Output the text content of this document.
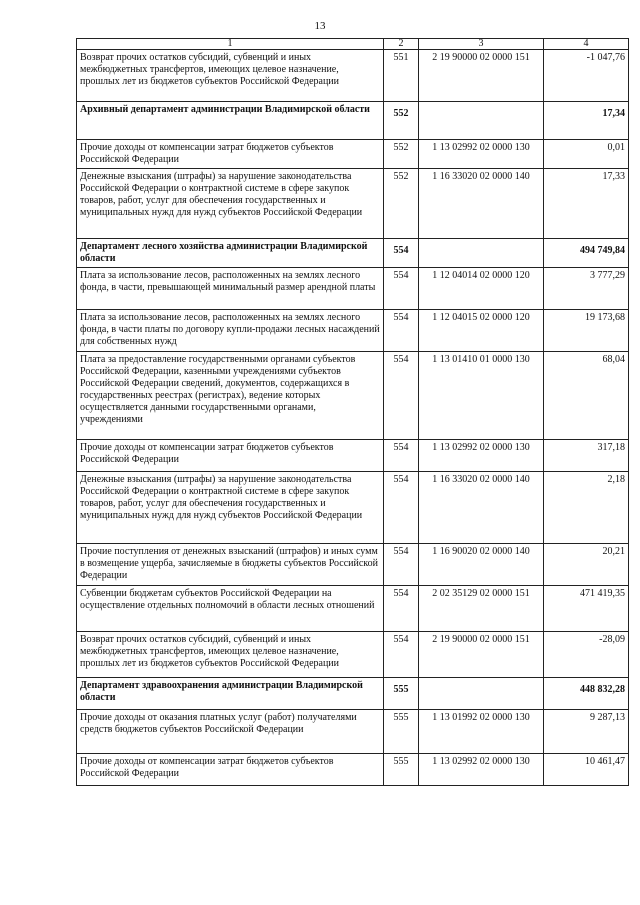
13
1	2	3	4
Возврат прочих остатков субсидий, субвенций и иных межбюджетных трансфертов, имеющих целевое назначение, прошлых лет из бюджетов субъектов Российской Федерации	551	2 19 90000 02 0000 151	-1 047,76
Архивный департамент администрации Владимирской области	552		17,34
Прочие доходы от компенсации затрат бюджетов субъектов Российской Федерации	552	1 13 02992 02 0000 130	0,01
Денежные взыскания (штрафы) за нарушение законодательства Российской Федерации о контрактной системе в сфере закупок товаров, работ, услуг для обеспечения государственных и муниципальных нужд для нужд субъектов Российской Федерации	552	1 16 33020 02 0000 140	17,33
Департамент лесного хозяйства администрации Владимирской области	554		494 749,84
Плата за использование лесов, расположенных на землях лесного фонда, в части, превышающей минимальный размер арендной платы	554	1 12 04014 02 0000 120	3 777,29
Плата за использование лесов, расположенных на землях лесного фонда, в части платы по договору купли-продажи лесных насаждений для собственных нужд	554	1 12 04015 02 0000 120	19 173,68
Плата за предоставление государственными органами субъектов Российской Федерации, казенными учреждениями субъектов Российской Федерации сведений, документов, содержащихся в государственных реестрах (регистрах), ведение которых осуществляется данными государственными органами, учреждениями	554	1 13 01410 01 0000 130	68,04
Прочие доходы от компенсации затрат бюджетов субъектов Российской Федерации	554	1 13 02992 02 0000 130	317,18
Денежные взыскания (штрафы) за нарушение законодательства Российской Федерации о контрактной системе в сфере закупок товаров, работ, услуг для обеспечения государственных и муниципальных нужд для нужд субъектов Российской Федерации	554	1 16 33020 02 0000 140	2,18
Прочие поступления от денежных взысканий (штрафов) и иных сумм в возмещение ущерба, зачисляемые в бюджеты субъектов Российской Федерации	554	1 16 90020 02 0000 140	20,21
Субвенции бюджетам субъектов Российской Федерации на осуществление отдельных полномочий в области лесных отношений	554	2 02 35129 02 0000 151	471 419,35
Возврат прочих остатков субсидий, субвенций и иных межбюджетных трансфертов, имеющих целевое назначение, прошлых лет из бюджетов субъектов Российской Федерации	554	2 19 90000 02 0000 151	-28,09
Департамент здравоохранения администрации Владимирской области	555		448 832,28
Прочие доходы от оказания платных услуг (работ) получателями средств бюджетов субъектов Российской Федерации	555	1 13 01992 02 0000 130	9 287,13
Прочие доходы от компенсации затрат бюджетов субъектов Российской Федерации	555	1 13 02992 02 0000 130	10 461,47
